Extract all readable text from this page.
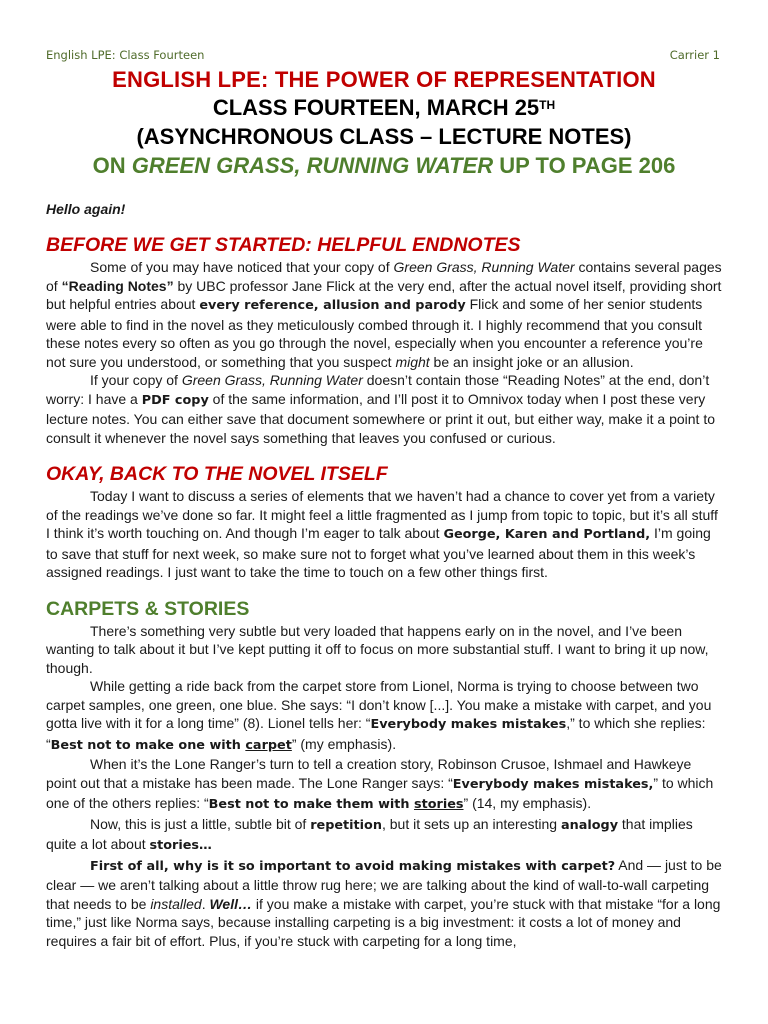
English LPE: Class Fourteen	Carrier 1
ENGLISH LPE: THE POWER OF REPRESENTATION
CLASS FOURTEEN, MARCH 25TH
(ASYNCHRONOUS CLASS – LECTURE NOTES)
ON GREEN GRASS, RUNNING WATER UP TO PAGE 206
Hello again!
BEFORE WE GET STARTED: HELPFUL ENDNOTES

Some of you may have noticed that your copy of Green Grass, Running Water contains several pages of “Reading Notes” by UBC professor Jane Flick at the very end, after the actual novel itself, providing short but helpful entries about every reference, allusion and parody Flick and some of her senior students were able to find in the novel as they meticulously combed through it. I highly recommend that you consult these notes every so often as you go through the novel, especially when you encounter a reference you’re not sure you understood, or something that you suspect might be an insight joke or an allusion.

If your copy of Green Grass, Running Water doesn’t contain those “Reading Notes” at the end, don’t worry: I have a PDF copy of the same information, and I’ll post it to Omnivox today when I post these very lecture notes. You can either save that document somewhere or print it out, but either way, make it a point to consult it whenever the novel says something that leaves you confused or curious.

OKAY, BACK TO THE NOVEL ITSELF

Today I want to discuss a series of elements that we haven’t had a chance to cover yet from a variety of the readings we’ve done so far. It might feel a little fragmented as I jump from topic to topic, but it’s all stuff I think it’s worth touching on. And though I’m eager to talk about George, Karen and Portland, I’m going to save that stuff for next week, so make sure not to forget what you’ve learned about them in this week’s assigned readings. I just want to take the time to touch on a few other things first.

CARPETS & STORIES

There’s something very subtle but very loaded that happens early on in the novel, and I’ve been wanting to talk about it but I’ve kept putting it off to focus on more substantial stuff. I want to bring it up now, though.

While getting a ride back from the carpet store from Lionel, Norma is trying to choose between two carpet samples, one green, one blue. She says: “I don’t know [...]. You make a mistake with carpet, and you gotta live with it for a long time” (8). Lionel tells her: “Everybody makes mistakes,” to which she replies: “Best not to make one with carpet” (my emphasis).

When it’s the Lone Ranger’s turn to tell a creation story, Robinson Crusoe, Ishmael and Hawkeye point out that a mistake has been made. The Lone Ranger says: “Everybody makes mistakes,” to which one of the others replies: “Best not to make them with stories” (14, my emphasis).

Now, this is just a little, subtle bit of repetition, but it sets up an interesting analogy that implies quite a lot about stories…

First of all, why is it so important to avoid making mistakes with carpet? And — just to be clear — we aren’t talking about a little throw rug here; we are talking about the kind of wall-to-wall carpeting that needs to be installed. Well… if you make a mistake with carpet, you’re stuck with that mistake “for a long time,” just like Norma says, because installing carpeting is a big investment: it costs a lot of money and requires a fair bit of effort. Plus, if you’re stuck with carpeting for a long time,
